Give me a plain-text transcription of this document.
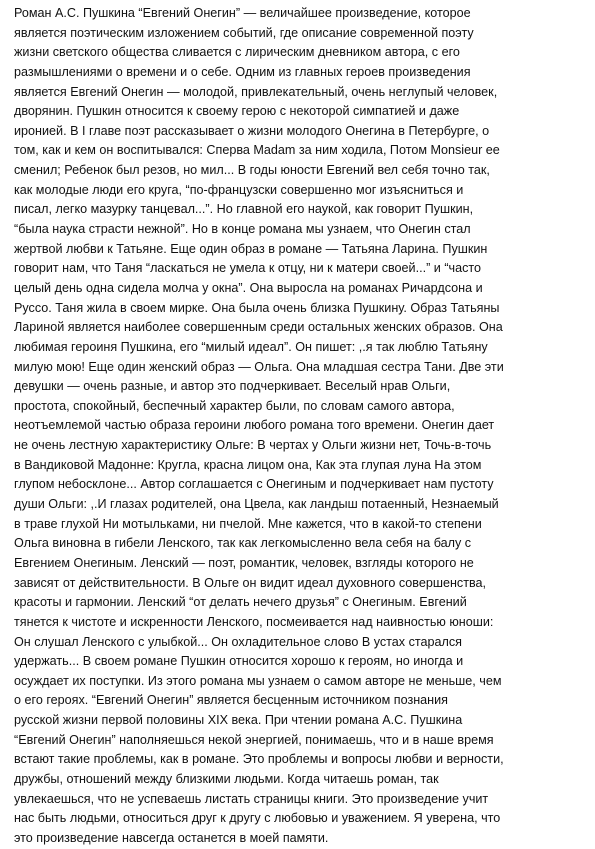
Роман А.С. Пушкина “Евгений Онегин” — величайшее произведение, которое
является поэтическим изложением событий, где описание современной поэту
жизни светского общества сливается с лирическим дневником автора, с его
размышлениями о времени и о себе. Одним из главных героев произведения
является Евгений Онегин — молодой, привлекательный, очень неглупый человек,
дворянин. Пушкин относится к своему герою с некоторой симпатией и даже
иронией. В I главе поэт рассказывает о жизни молодого Онегина в Петербурге, о
том, как и кем он воспитывался: Сперва Madam за ним ходила, Потом Monsieur ее
сменил; Ребенок был резов, но мил... В годы юности Евгений вел себя точно так,
как молодые люди его круга, “по-французски совершенно мог изъясниться и
писал, легко мазурку танцевал...”. Но главной его наукой, как говорит Пушкин,
“была наука страсти нежной”. Но в конце романа мы узнаем, что Онегин стал
жертвой любви к Татьяне. Еще один образ в романе — Татьяна Ларина. Пушкин
говорит нам, что Таня “ласкаться не умела к отцу, ни к матери своей...” и “часто
целый день одна сидела молча у окна”. Она выросла на романах Ричардсона и
Руссо. Таня жила в своем мирке. Она была очень близка Пушкину. Образ Татьяны
Лариной является наиболее совершенным среди остальных женских образов. Она
любимая героиня Пушкина, его “милый идеал”. Он пишет: ,.я так люблю Татьяну
милую мою! Еще один женский образ — Ольга. Она младшая сестра Тани. Две эти
девушки — очень разные, и автор это подчеркивает. Веселый нрав Ольги,
простота, спокойный, беспечный характер были, по словам самого автора,
неотъемлемой частью образа героини любого романа того времени. Онегин дает
не очень лестную характеристику Ольге: В чертах у Ольги жизни нет, Точь-в-точь
в Вандиковой Мадонне: Кругла, красна лицом она, Как эта глупая луна На этом
глупом небосклоне... Автор соглашается с Онегиным и подчеркивает нам пустоту
души Ольги: ,.И глазах родителей, она Цвела, как ландыш потаенный, Незнаемый
в траве глухой Ни мотыльками, ни пчелой. Мне кажется, что в какой-то степени
Ольга виновна в гибели Ленского, так как легкомысленно вела себя на балу с
Евгением Онегиным. Ленский — поэт, романтик, человек, взгляды которого не
зависят от действительности. В Ольге он видит идеал духовного совершенства,
красоты и гармонии. Ленский “от делать нечего друзья” с Онегиным. Евгений
тянется к чистоте и искренности Ленского, посмеивается над наивностью юноши:
Он слушал Ленского с улыбкой... Он охладительное слово В устах старался
удержать... В своем романе Пушкин относится хорошо к героям, но иногда и
осуждает их поступки. Из этого романа мы узнаем о самом авторе не меньше, чем
о его героях. “Евгений Онегин” является бесценным источником познания
русской жизни первой половины XIX века. При чтении романа А.С. Пушкина
“Евгений Онегин” наполняешься некой энергией, понимаешь, что и в наше время
встают такие проблемы, как в романе. Это проблемы и вопросы любви и верности,
дружбы, отношений между близкими людьми. Когда читаешь роман, так
увлекаешься, что не успеваешь листать страницы книги. Это произведение учит
нас быть людьми, относиться друг к другу с любовью и уважением. Я уверена, что
это произведение навсегда останется в моей памяти.
